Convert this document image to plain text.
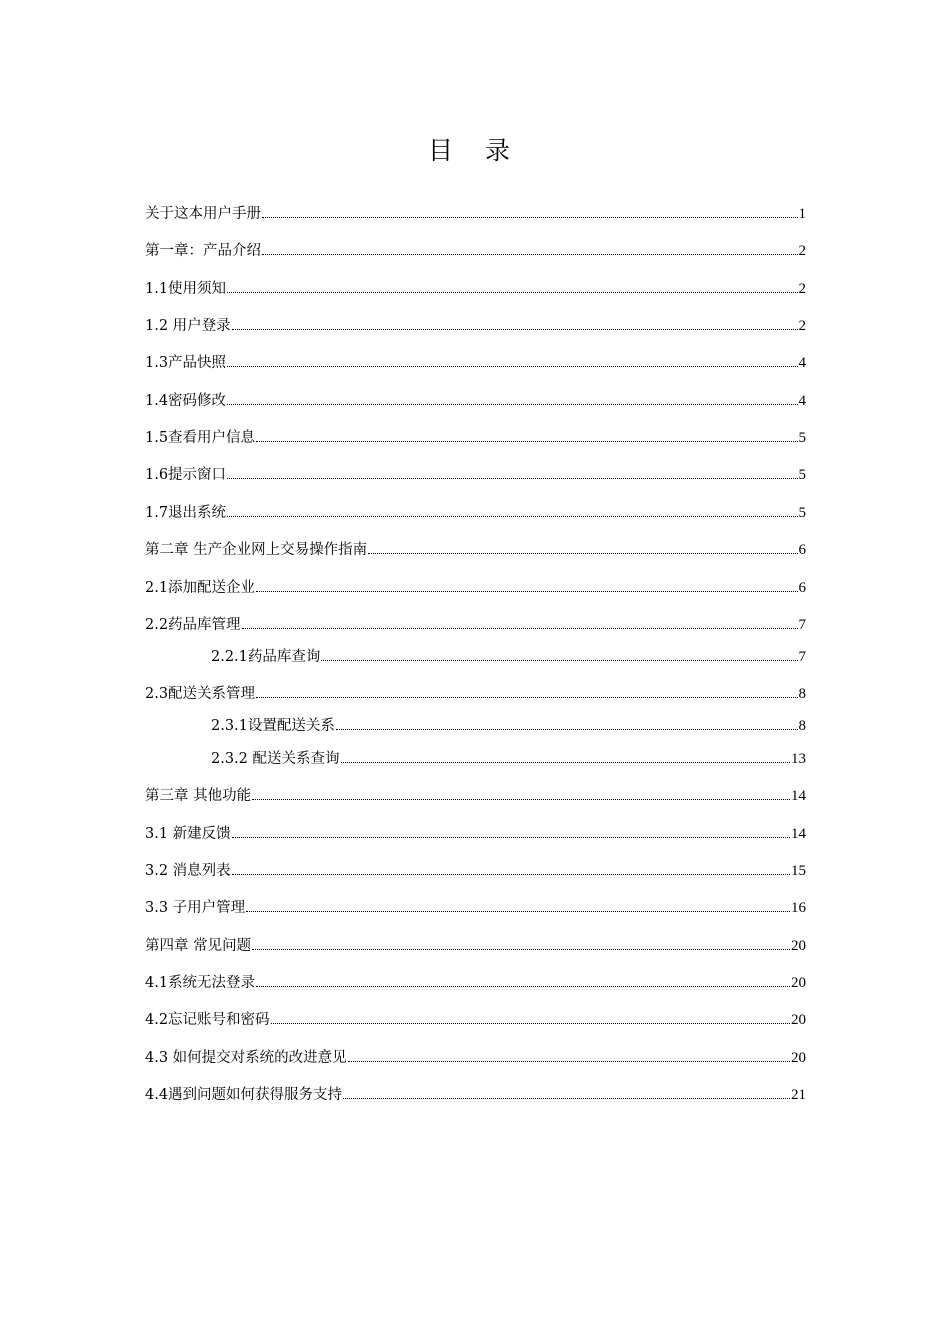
目 录
关于这本用户手册	1
第一章：产品介绍	2
1.1使用须知	2
1.2 用户登录	2
1.3产品快照	4
1.4密码修改	4
1.5查看用户信息	5
1.6提示窗口	5
1.7退出系统	5
第二章 生产企业网上交易操作指南	6
2.1添加配送企业	6
2.2药品库管理	7
2.2.1药品库查询	7
2.3配送关系管理	8
2.3.1设置配送关系	8
2.3.2 配送关系查询	13
第三章 其他功能	14
3.1 新建反馈	14
3.2 消息列表	15
3.3 子用户管理	16
第四章 常见问题	20
4.1系统无法登录	20
4.2忘记账号和密码	20
4.3 如何提交对系统的改进意见	20
4.4遇到问题如何获得服务支持	21
